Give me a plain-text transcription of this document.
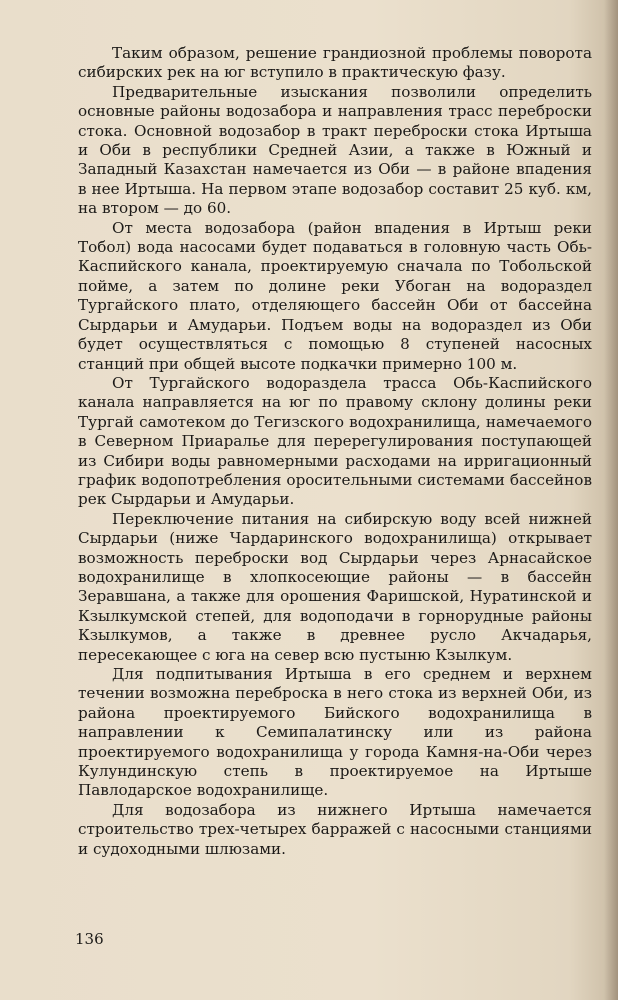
Таким образом, решение грандиозной проблемы поворота сибирских рек на юг вступило в практическую фазу.

Предварительные изыскания позволили определить основные районы водозабора и направления трасс переброски стока. Основной водозабор в тракт переброски стока Иртыша и Оби в республики Средней Азии, а также в Южный и Западный Казахстан намечается из Оби — в районе впадения в нее Иртыша. На первом этапе водозабор составит 25 куб. км, на втором — до 60.

От места водозабора (район впадения в Иртыш реки Тобол) вода насосами будет подаваться в головную часть Обь-Каспийского канала, проектируемую сначала по Тобольской пойме, а затем по долине реки Убоган на водораздел Тургайского плато, отделяющего бассейн Оби от бассейна Сырдарьи и Амударьи. Подъем воды на водораздел из Оби будет осуществляться с помощью 8 ступеней насосных станций при общей высоте подкачки примерно 100 м.

От Тургайского водораздела трасса Обь-Каспийского канала направляется на юг по правому склону долины реки Тургай самотеком до Тегизского водохранилища, намечаемого в Северном Приаралье для перерегулирования поступающей из Сибири воды равномерными расходами на ирригационный график водопотребления оросительными системами бассейнов рек Сырдарьи и Амударьи.

Переключение питания на сибирскую воду всей нижней Сырдарьи (ниже Чардаринского водохранилища) открывает возможность переброски вод Сырдарьи через Арнасайское водохранилище в хлопкосеющие районы — в бассейн Зеравшана, а также для орошения Фаришской, Нуратинской и Кзылкумской степей, для водоподачи в горнорудные районы Кзылкумов, а также в древнее русло Акчадарья, пересекающее с юга на север всю пустыню Кзылкум.

Для подпитывания Иртыша в его среднем и верхнем течении возможна переброска в него стока из верхней Оби, из района проектируемого Бийского водохранилища в направлении к Семипалатинску или из района проектируемого водохранилища у города Камня-на-Оби через Кулундинскую степь в проектируемое на Иртыше Павлодарское водохранилище.

Для водозабора из нижнего Иртыша намечается строительство трех-четырех барражей с насосными станциями и судоходными шлюзами.

136
